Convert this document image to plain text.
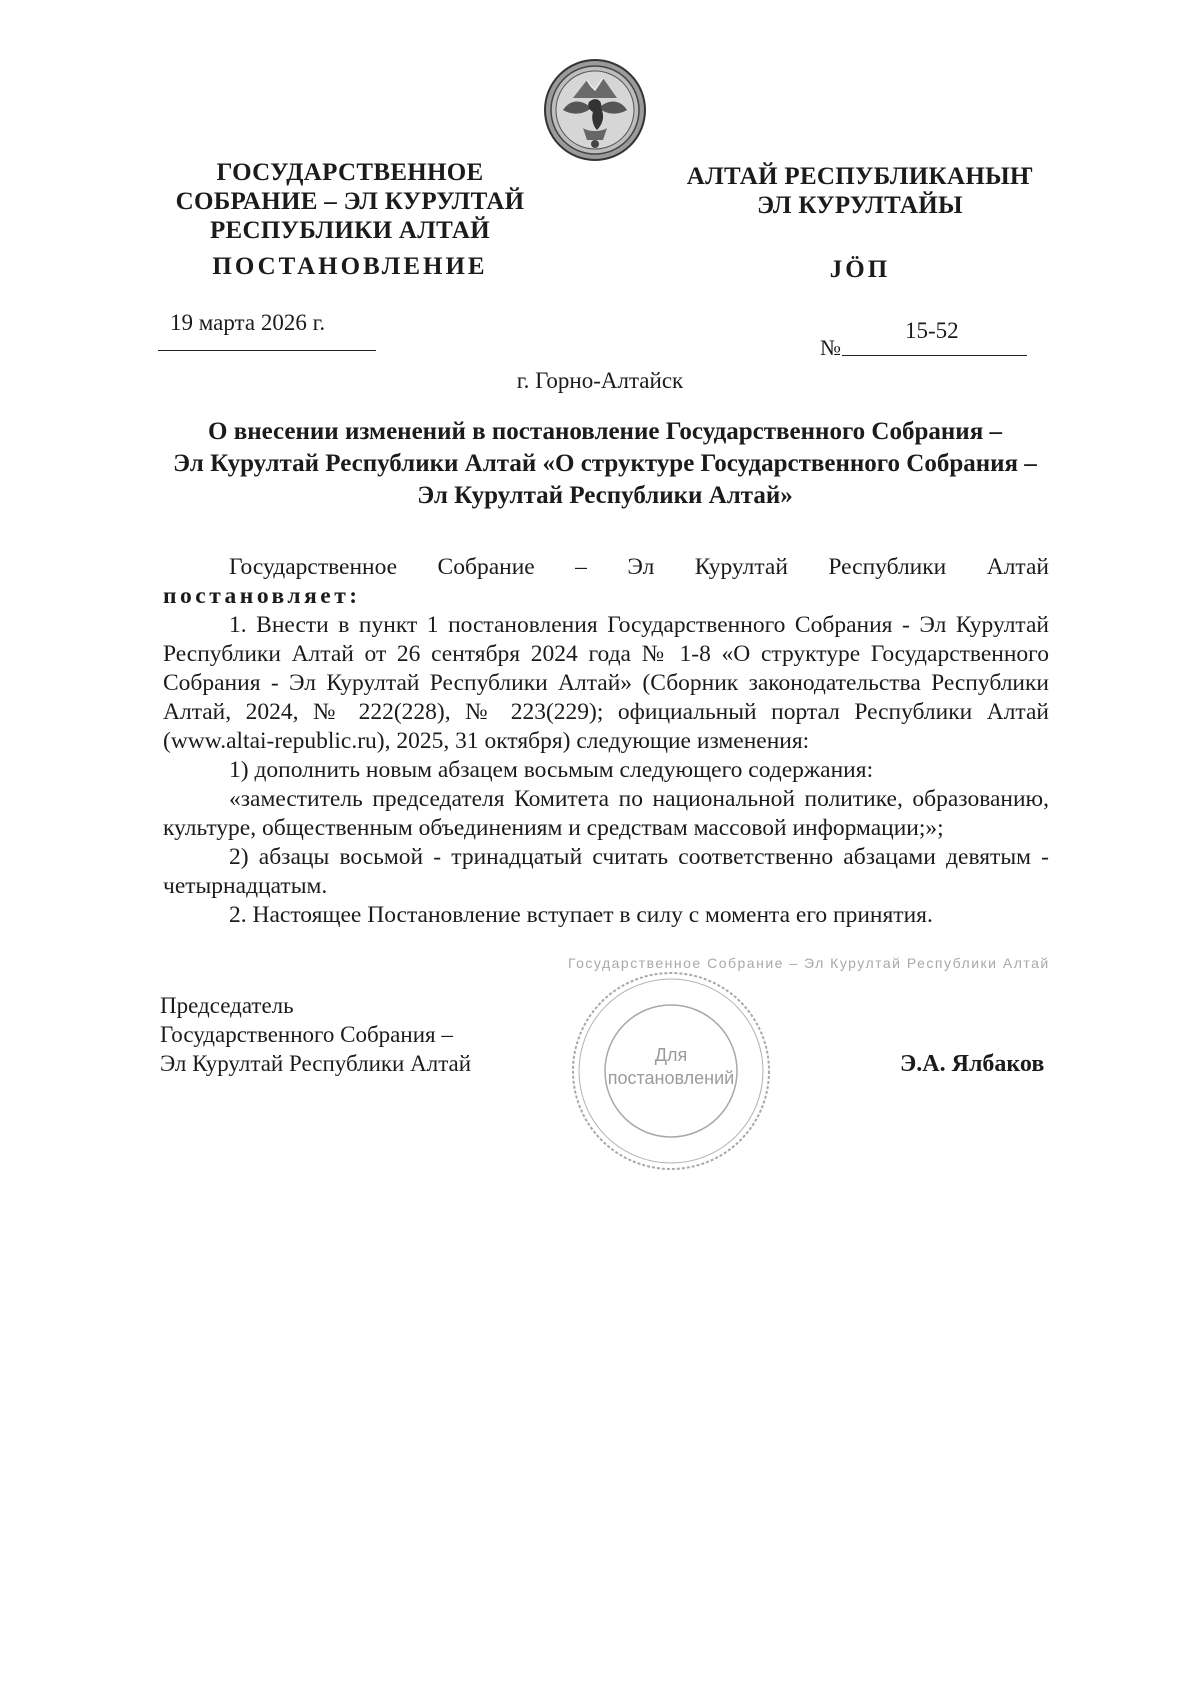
ГОСУДАРСТВЕННОЕ
СОБРАНИЕ – ЭЛ КУРУЛТАЙ
РЕСПУБЛИКИ АЛТАЙ
ПОСТАНОВЛЕНИЕ
АЛТАЙ РЕСПУБЛИКАНЫҤ
ЭЛ КУРУЛТАЙЫ
ЈӦП
19 марта 2026 г.
№
15-52
г. Горно-Алтайск
О внесении изменений в постановление Государственного Собрания –
Эл Курултай Республики Алтай «О структуре Государственного Собрания –
Эл Курултай Республики Алтай»

Государственное Собрание – Эл Курултай Республики Алтай

постановляет:

1. Внести в пункт 1 постановления Государственного Собрания - Эл Курултай Республики Алтай от 26 сентября 2024 года № 1-8 «О структуре Государственного Собрания - Эл Курултай Республики Алтай» (Сборник законодательства Республики Алтай, 2024, № 222(228), № 223(229); официальный портал Республики Алтай (www.altai-republic.ru), 2025, 31 октября) следующие изменения:

1) дополнить новым абзацем восьмым следующего содержания:

«заместитель председателя Комитета по национальной политике, образованию, культуре, общественным объединениям и средствам массовой информации;»;

2) абзацы восьмой - тринадцатый считать соответственно абзацами девятым - четырнадцатым.

2. Настоящее Постановление вступает в силу с момента его принятия.

Председатель
Государственного Собрания –
Эл Курултай Республики Алтай	Э.А. Ялбаков
Государственное Собрание – Эл Курултай Республики Алтай
Для
постановлений
